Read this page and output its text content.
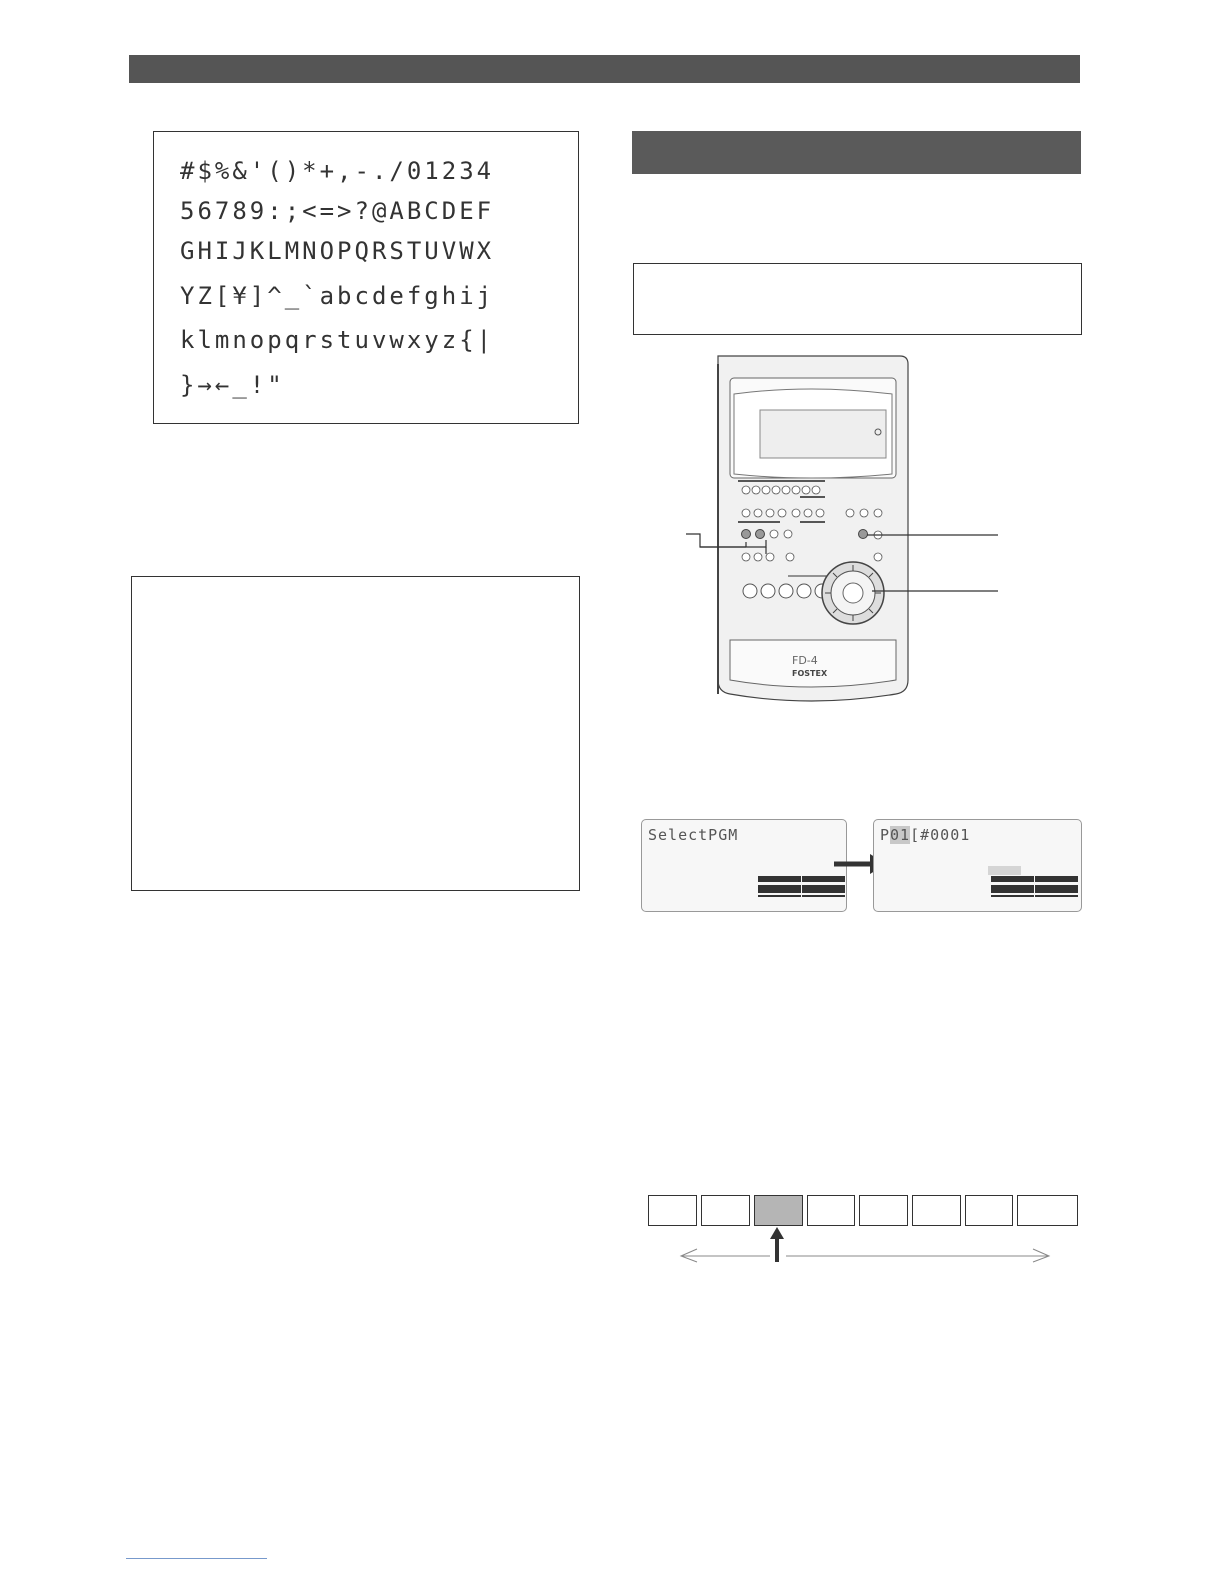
#$%&'()*+,-./01234
56789:;<=>?@ABCDEF
GHIJKLMNOPQRSTUVWX
YZ[¥]^_`abcdefghij
klmnopqrstuvwxyz{|
}→←_!"
FD-4
FOSTEX
SelectPGM	P01[#0001
